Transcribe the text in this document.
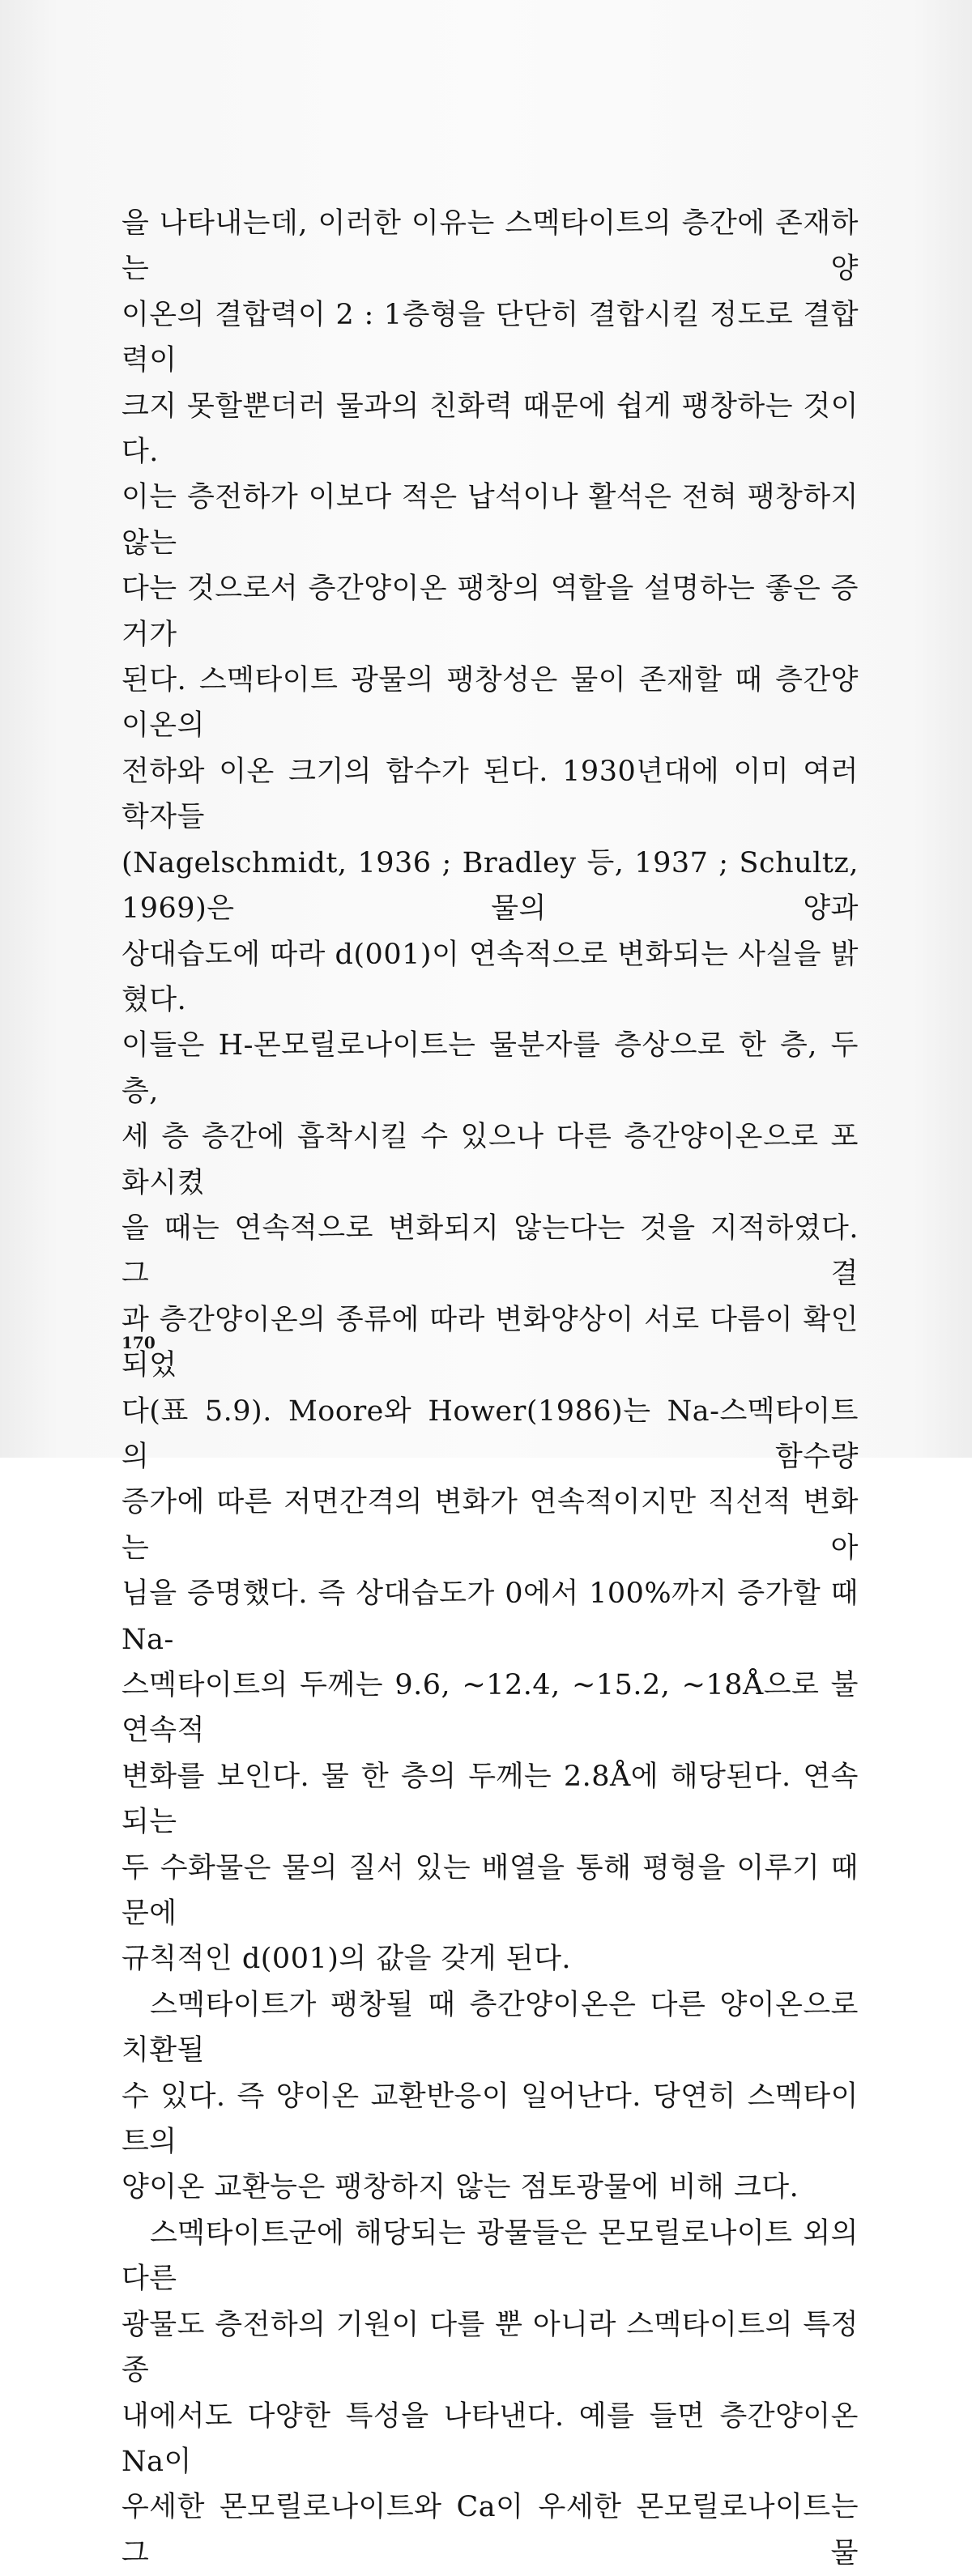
을 나타내는데, 이러한 이유는 스멕타이트의 층간에 존재하는 양

이온의 결합력이 2 : 1층형을 단단히 결합시킬 정도로 결합력이

크지 못할뿐더러 물과의 친화력 때문에 쉽게 팽창하는 것이다.

이는 층전하가 이보다 적은 납석이나 활석은 전혀 팽창하지 않는

다는 것으로서 층간양이온 팽창의 역할을 설명하는 좋은 증거가

된다. 스멕타이트 광물의 팽창성은 물이 존재할 때 층간양이온의

전하와 이온 크기의 함수가 된다. 1930년대에 이미 여러 학자들

(Nagelschmidt, 1936 ; Bradley 등, 1937 ; Schultz, 1969)은 물의 양과

상대습도에 따라 d(001)이 연속적으로 변화되는 사실을 밝혔다.

이들은 H-몬모릴로나이트는 물분자를 층상으로 한 층, 두 층,

세 층 층간에 흡착시킬 수 있으나 다른 층간양이온으로 포화시켰

을 때는 연속적으로 변화되지 않는다는 것을 지적하였다. 그 결

과 층간양이온의 종류에 따라 변화양상이 서로 다름이 확인되었

다(표 5.9). Moore와 Hower(1986)는 Na-스멕타이트의 함수량

증가에 따른 저면간격의 변화가 연속적이지만 직선적 변화는 아

님을 증명했다. 즉 상대습도가 0에서 100%까지 증가할 때 Na-

스멕타이트의 두께는 9.6, ~12.4, ~15.2, ~18Å으로 불연속적

변화를 보인다. 물 한 층의 두께는 2.8Å에 해당된다. 연속되는

두 수화물은 물의 질서 있는 배열을 통해 평형을 이루기 때문에

규칙적인 d(001)의 값을 갖게 된다.

스멕타이트가 팽창될 때 층간양이온은 다른 양이온으로 치환될

수 있다. 즉 양이온 교환반응이 일어난다. 당연히 스멕타이트의

양이온 교환능은 팽창하지 않는 점토광물에 비해 크다.

스멕타이트군에 해당되는 광물들은 몬모릴로나이트 외의 다른

광물도 층전하의 기원이 다를 뿐 아니라 스멕타이트의 특정 종

내에서도 다양한 특성을 나타낸다. 예를 들면 층간양이온 Na이

우세한 몬모릴로나이트와 Ca이 우세한 몬모릴로나이트는 그 물

170
